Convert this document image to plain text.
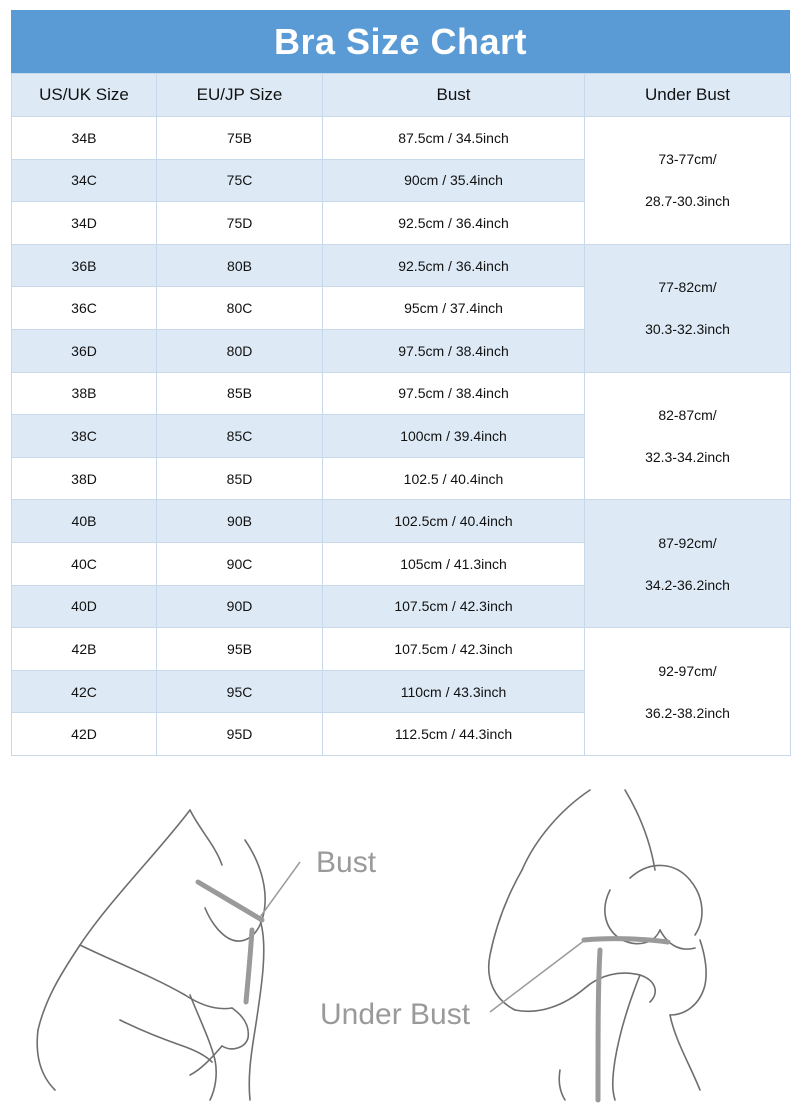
Bra Size Chart
US/UK Size	EU/JP Size	Bust	Under Bust
34B	75B	87.5cm / 34.5inch	73-77cm/
28.7-30.3inch

34C	75C	90cm / 35.4inch	
34D	75D	92.5cm / 36.4inch	
36B	80B	92.5cm / 36.4inch	77-82cm/
30.3-32.3inch

36C	80C	95cm / 37.4inch	
36D	80D	97.5cm / 38.4inch	
38B	85B	97.5cm / 38.4inch	82-87cm/
32.3-34.2inch

38C	85C	100cm / 39.4inch	
38D	85D	102.5 / 40.4inch	
40B	90B	102.5cm / 40.4inch	87-92cm/
34.2-36.2inch

40C	90C	105cm / 41.3inch	
40D	90D	107.5cm / 42.3inch	
42B	95B	107.5cm / 42.3inch	92-97cm/
36.2-38.2inch

42C	95C	110cm / 43.3inch	
42D	95D	112.5cm / 44.3inch	
Bust
Under Bust
